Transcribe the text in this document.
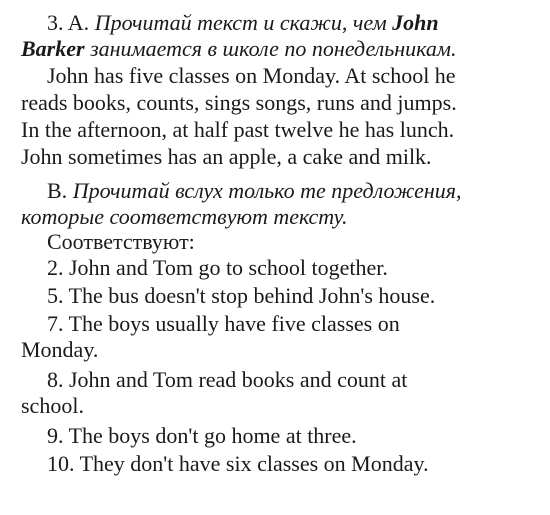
3. A. Прочитай текст и скажи, чем John
Barker занимается в школе по понедельникам.
John has five classes on Monday. At school he
reads books, counts, sings songs, runs and jumps.
In the afternoon, at half past twelve he has lunch.
John sometimes has an apple, a cake and milk.
B. Прочитай вслух только те предложения,
которые соответствуют тексту.
Соответствуют:
2. John and Tom go to school together.
5. The bus doesn't stop behind John's house.
7. The boys usually have five classes on
Monday.
8. John and Tom read books and count at
school.
9. The boys don't go home at three.
10. They don't have six classes on Monday.
